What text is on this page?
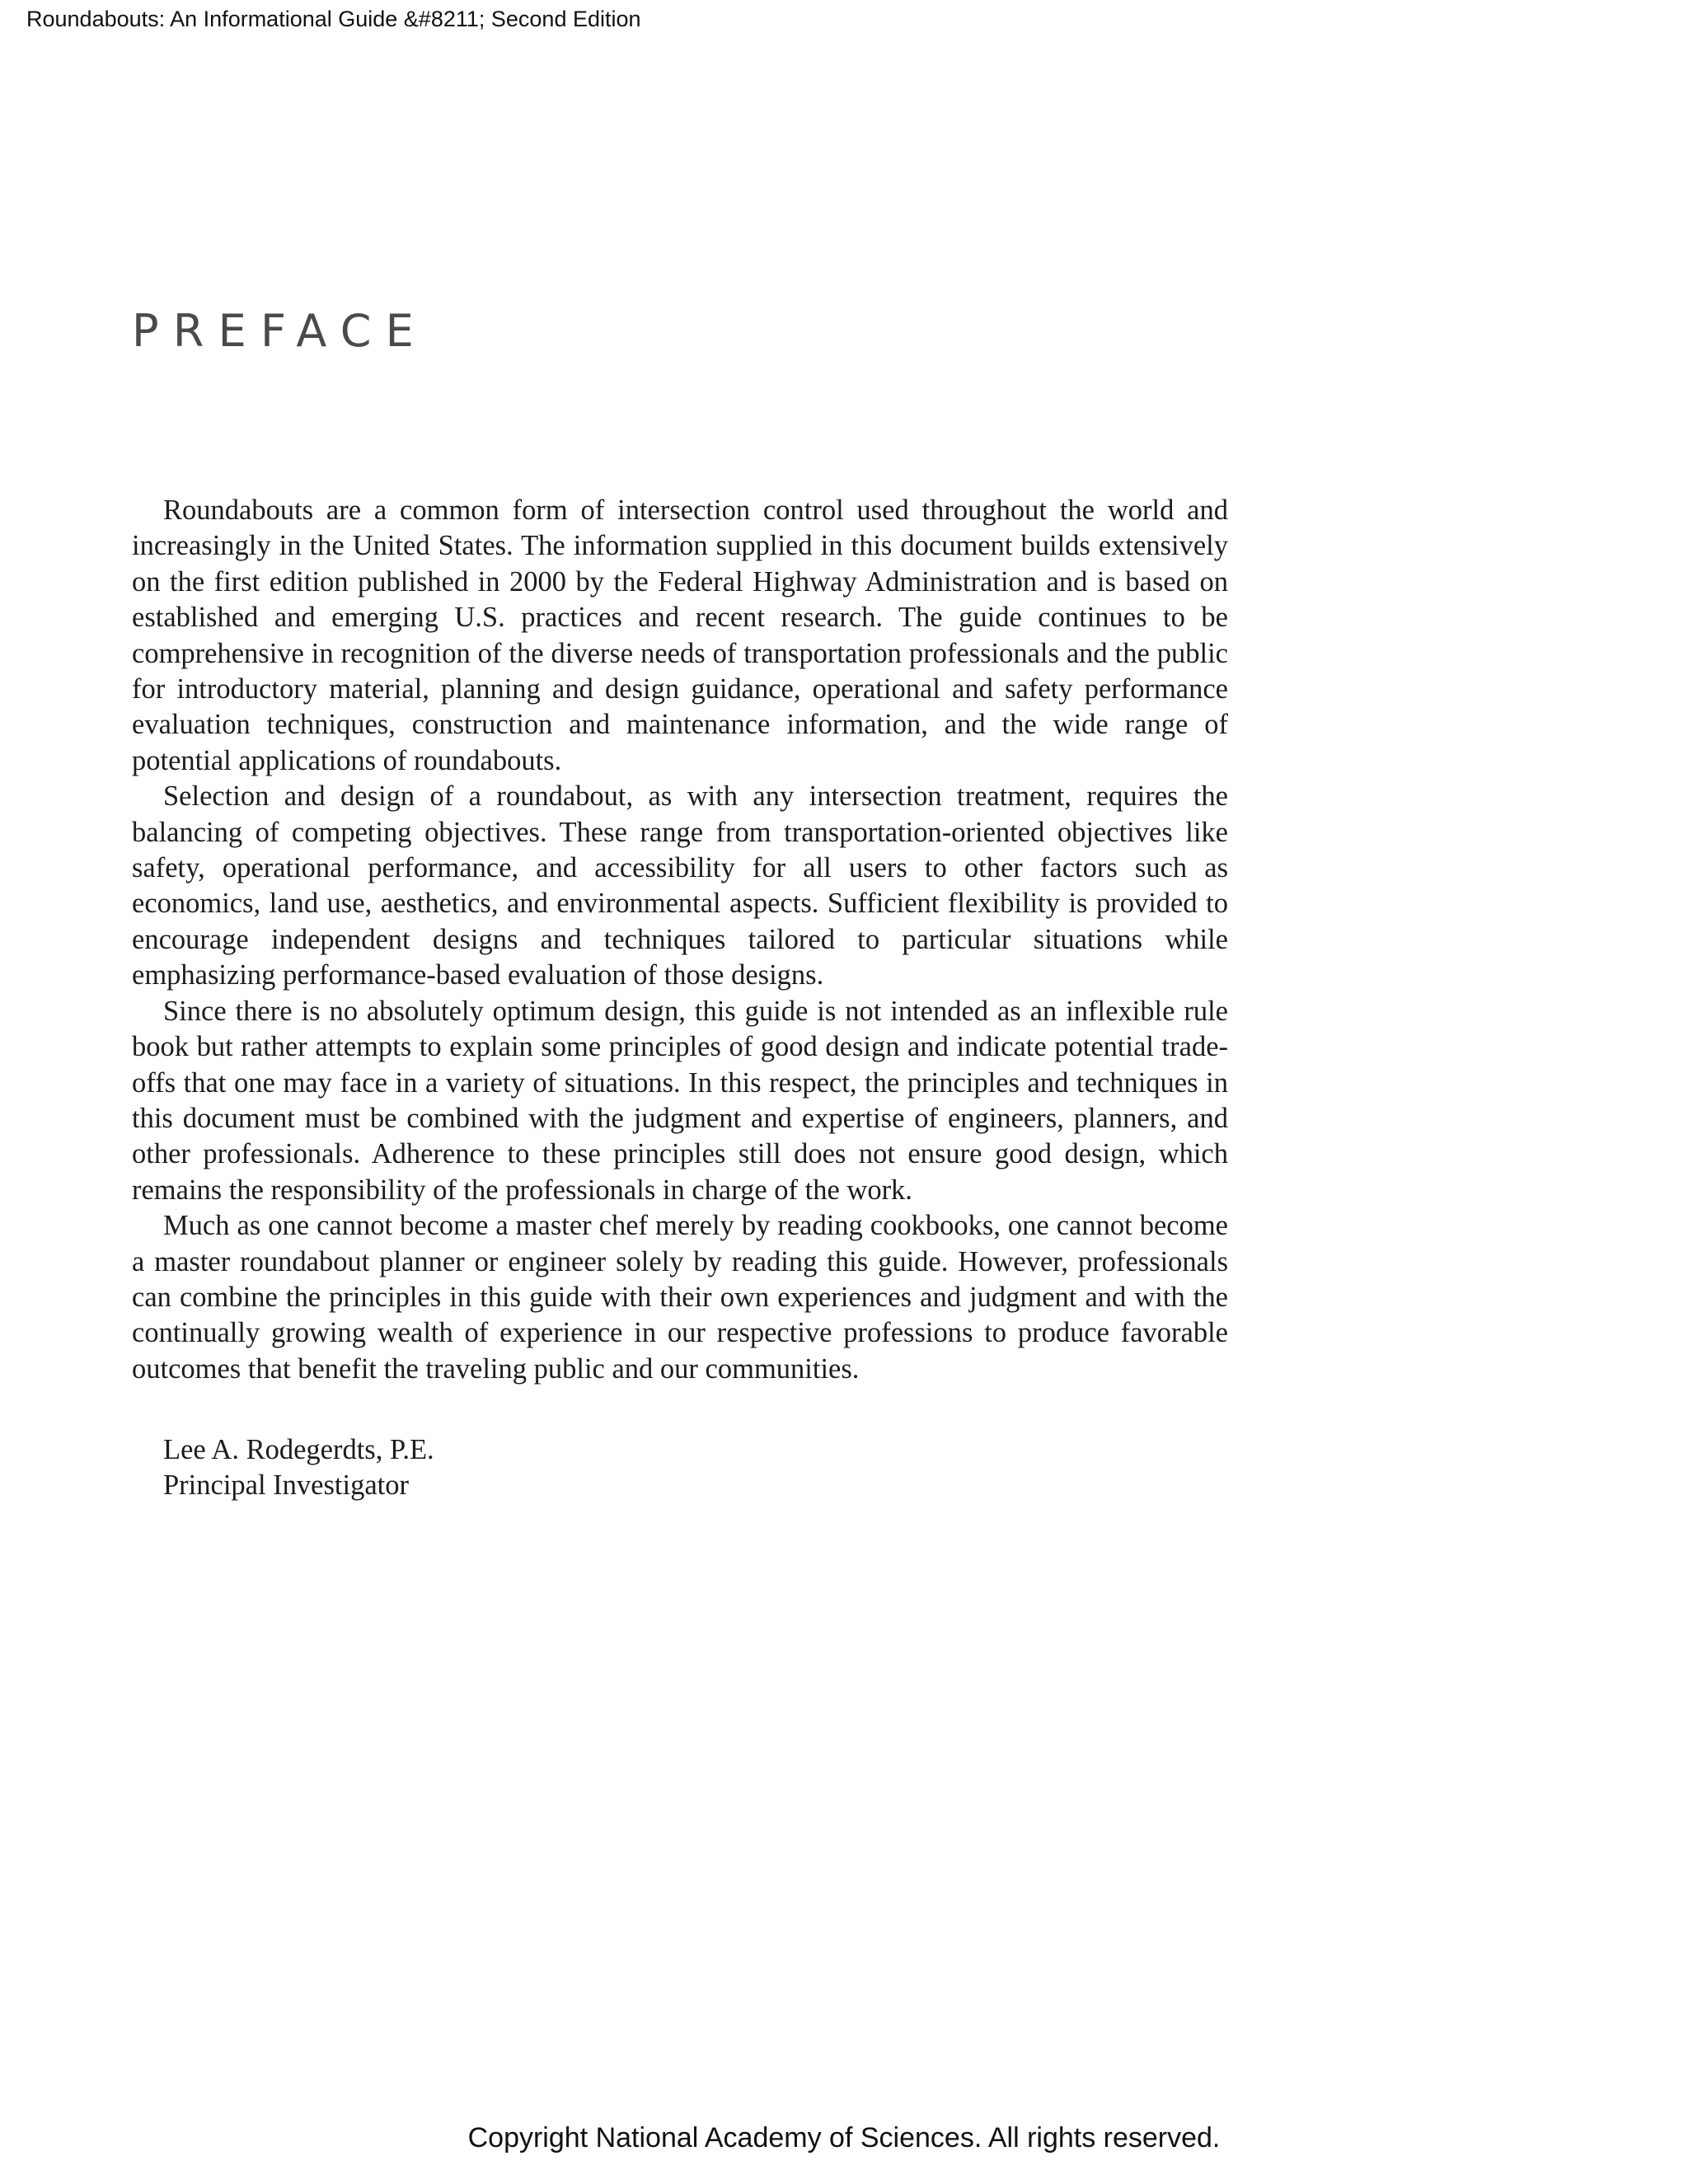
Roundabouts: An Informational Guide &#8211; Second Edition
PREFACE

Roundabouts are a common form of intersection control used throughout the world and increasingly in the United States. The information supplied in this document builds extensively on the first edition published in 2000 by the Federal Highway Administration and is based on established and emerging U.S. practices and recent research. The guide continues to be comprehensive in recognition of the diverse needs of transportation professionals and the public for introductory material, planning and design guidance, operational and safety performance evaluation techniques, construction and maintenance information, and the wide range of potential applications of roundabouts.

Selection and design of a roundabout, as with any intersection treatment, requires the balancing of competing objectives. These range from transportation-oriented objectives like safety, operational performance, and accessibility for all users to other factors such as economics, land use, aesthetics, and environmental aspects. Sufficient flexibility is provided to encourage independent designs and techniques tailored to particular situations while emphasizing performance-based evaluation of those designs.

Since there is no absolutely optimum design, this guide is not intended as an inflexible rule book but rather attempts to explain some principles of good design and indicate potential trade-offs that one may face in a variety of situations. In this respect, the principles and techniques in this document must be combined with the judgment and expertise of engineers, planners, and other professionals. Adherence to these principles still does not ensure good design, which remains the responsibility of the professionals in charge of the work.

Much as one cannot become a master chef merely by reading cookbooks, one cannot become a master roundabout planner or engineer solely by reading this guide. However, professionals can combine the principles in this guide with their own experiences and judgment and with the continually growing wealth of experience in our respective professions to produce favorable outcomes that benefit the traveling public and our communities.

Lee A. Rodegerdts, P.E.
Principal Investigator
Copyright National Academy of Sciences. All rights reserved.
